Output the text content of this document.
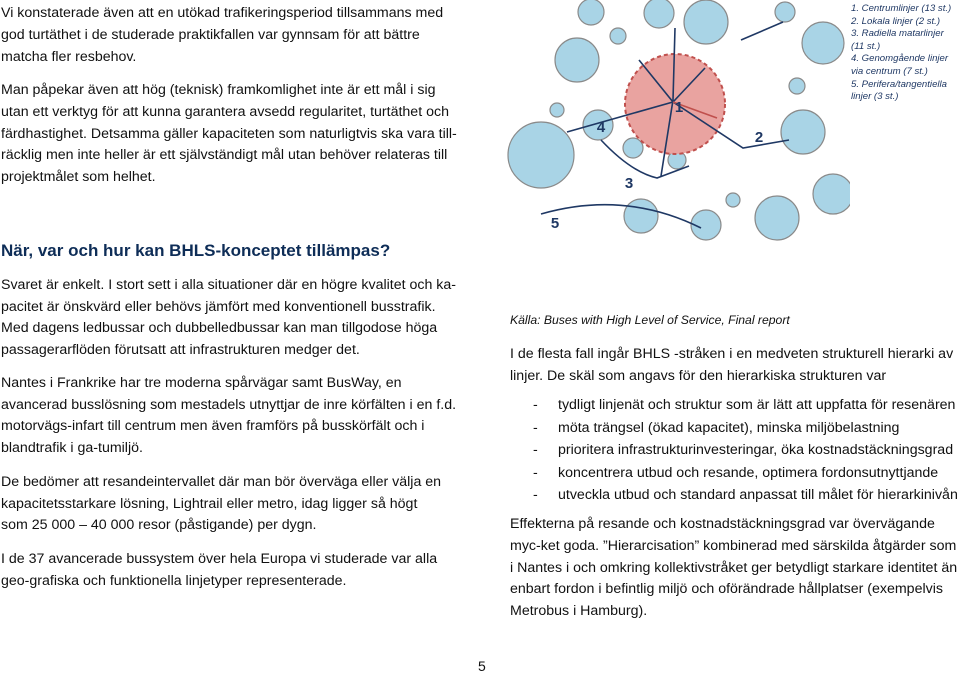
Vi konstaterade även att en utökad trafikeringsperiod tillsammans med god turtäthet i de studerade praktikfallen var gynnsam för att bättre matcha fler resbehov.

Man påpekar även att hög (teknisk) framkomlighet inte är ett mål i sig utan ett verktyg för att kunna garantera avsedd regularitet, turtäthet och färdhastighet. Detsamma gäller kapaciteten som naturligtvis ska vara till-räcklig men inte heller är ett självständigt mål utan behöver relateras till projektmålet som helhet.

När, var och hur kan BHLS-konceptet tillämpas?

Svaret är enkelt. I stort sett i alla situationer där en högre kvalitet och ka-pacitet är önskvärd eller behövs jämfört med konventionell busstrafik. Med dagens ledbussar och dubbelledbussar kan man tillgodose höga passagerarflöden förutsatt att infrastrukturen medger det.

Nantes i Frankrike har tre moderna spårvägar samt BusWay, en avancerad busslösning som mestadels utnyttjar de inre körfälten i en f.d. motorvägs-infart till centrum men även framförs på busskörfält och i blandtrafik i ga-tumiljö.

De bedömer att resandeintervallet där man bör överväga eller välja en kapacitetsstarkare lösning, Lightrail eller metro, idag ligger så högt som 25 000 – 40 000 resor (påstigande) per dygn.

I de 37 avancerade bussystem över hela Europa vi studerade var alla geo-grafiska och funktionella linjetyper representerade.

1
2
3
4
5
1. Centrumlinjer (13 st.)
2. Lokala linjer (2 st.)
3. Radiella matarlinjer (11 st.)
4. Genomgående linjer via centrum (7 st.)
5. Perifera/tangentiella linjer (3 st.)
Källa: Buses with High Level of Service, Final report

I de flesta fall ingår BHLS -stråken i en medveten strukturell hierarki av linjer. De skäl som angavs för den hierarkiska strukturen var

- tydligt linjenät och struktur som är lätt att uppfatta för resenären
- möta trängsel (ökad kapacitet), minska miljöbelastning
- prioritera infrastrukturinvesteringar, öka kostnadstäckningsgrad
- koncentrera utbud och resande, optimera fordonsutnyttjande
- utveckla utbud och standard anpassat till målet för hierarkinivån

Effekterna på resande och kostnadstäckningsgrad var övervägande myc-ket goda. ”Hierarcisation” kombinerad med särskilda åtgärder som i Nantes i och omkring kollektivstråket ger betydligt starkare identitet än enbart fordon i befintlig miljö och oförändrade hållplatser (exempelvis Metrobus i Hamburg).

5
